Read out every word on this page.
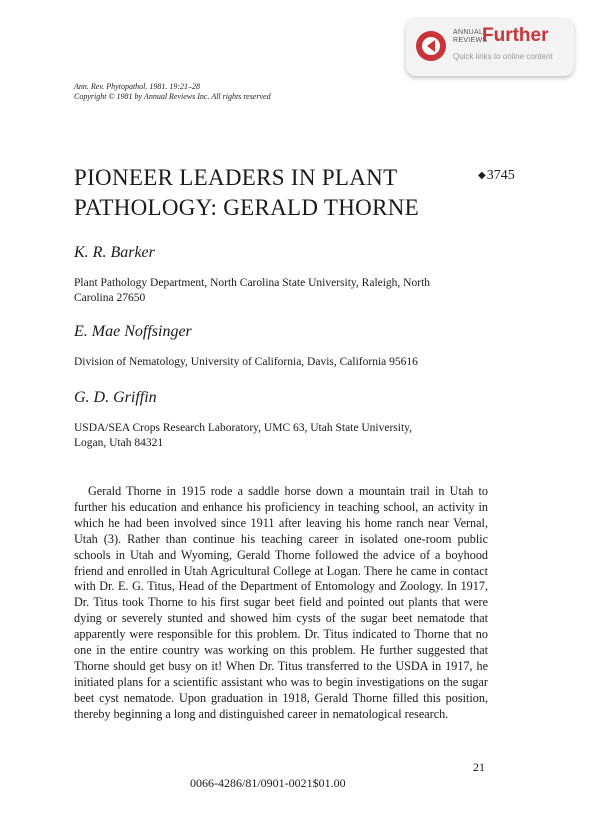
ANNUAL
REVIEWS
Further
Quick links to online content
Ann. Rev. Phytopathol. 1981. 19:21–28
Copyright © 1981 by Annual Reviews Inc. All rights reserved
PIONEER LEADERS IN PLANT
PATHOLOGY: GERALD THORNE
◆3745
K. R. Barker
Plant Pathology Department, North Carolina State University, Raleigh, North
Carolina 27650
E. Mae Noffsinger
Division of Nematology, University of California, Davis, California 95616
G. D. Griffin
USDA/SEA Crops Research Laboratory, UMC 63, Utah State University,
Logan, Utah 84321

Gerald Thorne in 1915 rode a saddle horse down a mountain trail in Utah to further his education and enhance his proficiency in teaching school, an activity in which he had been involved since 1911 after leaving his home ranch near Vernal, Utah (3). Rather than continue his teaching career in isolated one-room public schools in Utah and Wyoming, Gerald Thorne followed the advice of a boyhood friend and enrolled in Utah Agricultural College at Logan. There he came in contact with Dr. E. G. Titus, Head of the Department of Entomology and Zoology. In 1917, Dr. Titus took Thorne to his first sugar beet field and pointed out plants that were dying or severely stunted and showed him cysts of the sugar beet nematode that apparently were responsible for this problem. Dr. Titus indicated to Thorne that no one in the entire country was working on this problem. He further suggested that Thorne should get busy on it! When Dr. Titus transferred to the USDA in 1917, he initiated plans for a scientific assistant who was to begin investigations on the sugar beet cyst nematode. Upon graduation in 1918, Gerald Thorne filled this position, thereby beginning a long and distinguished career in nematological research.

21
0066-4286/81/0901-0021$01.00
